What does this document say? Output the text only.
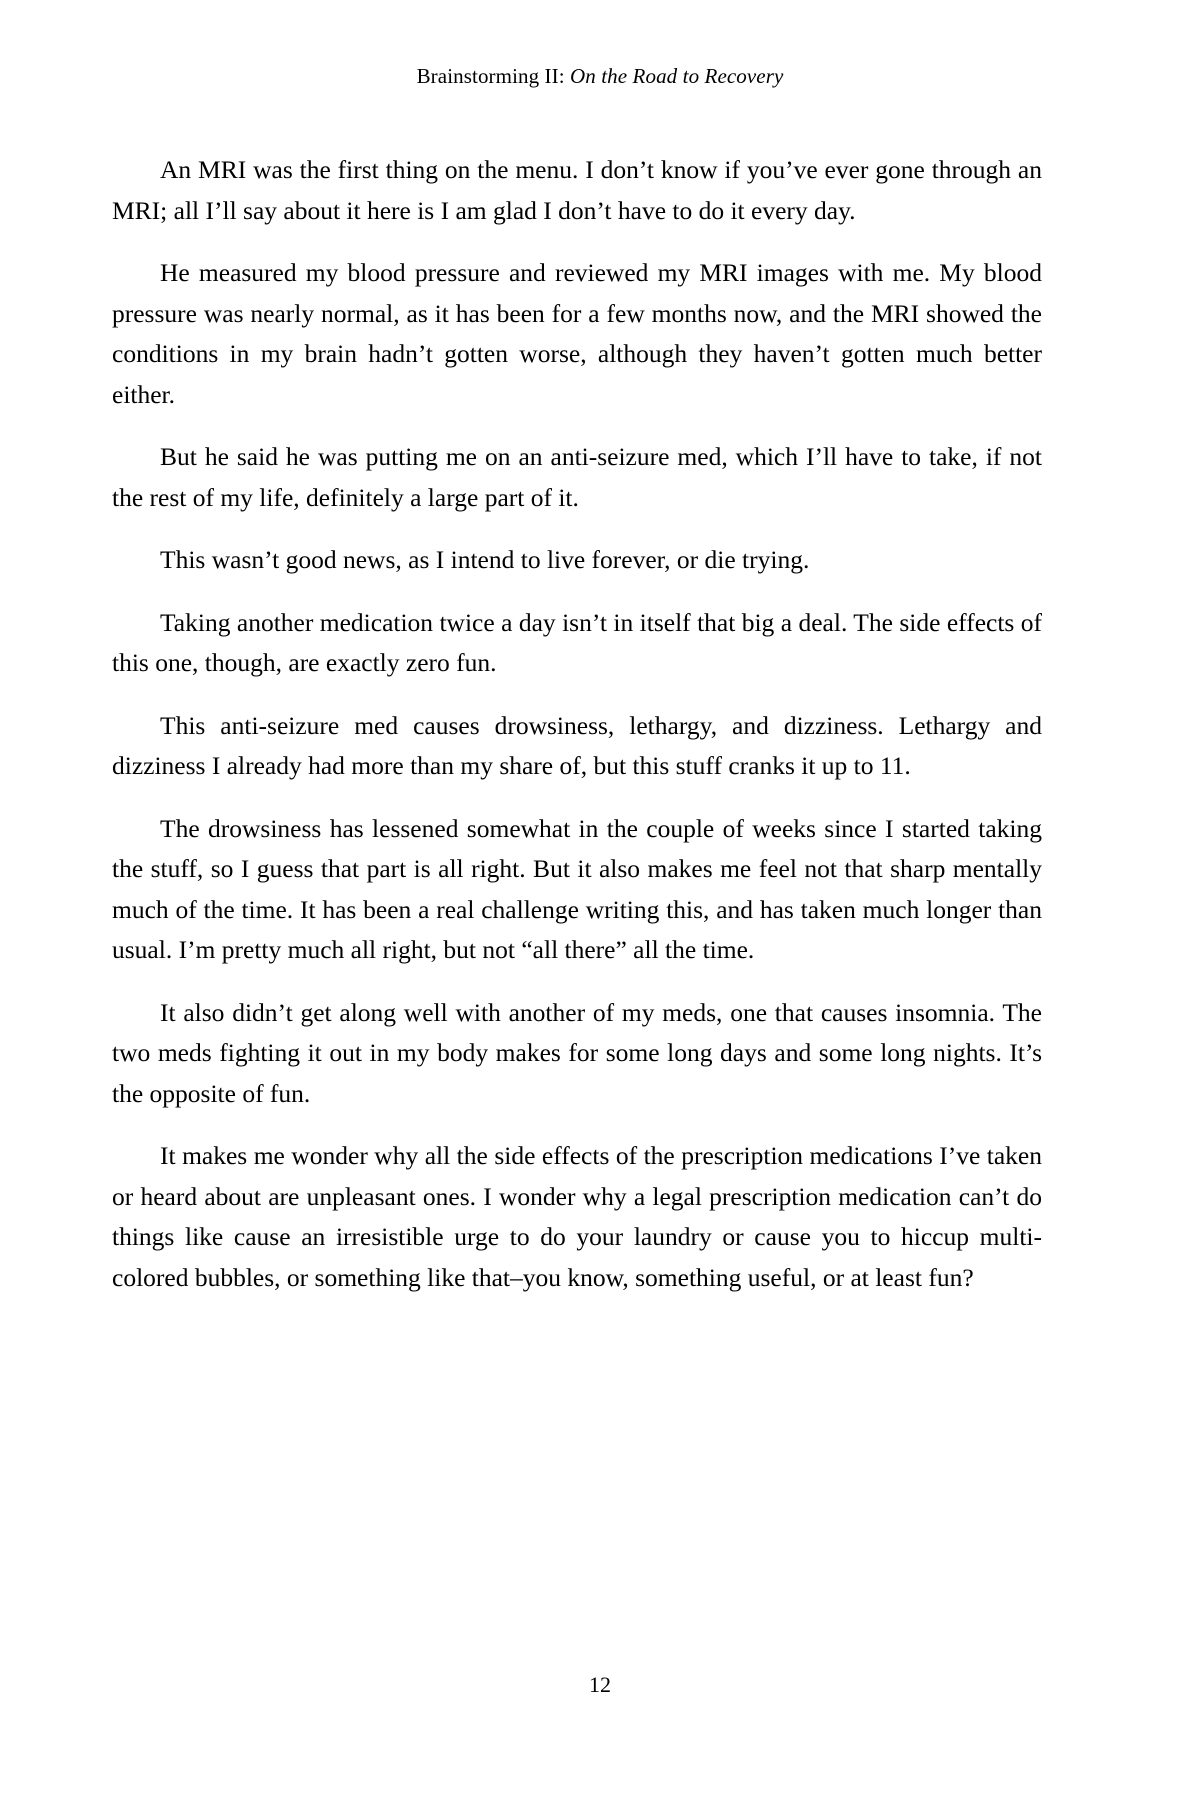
Brainstorming II: On the Road to Recovery

An MRI was the first thing on the menu. I don’t know if you’ve ever gone through an MRI; all I’ll say about it here is I am glad I don’t have to do it every day.

He measured my blood pressure and reviewed my MRI images with me. My blood pressure was nearly normal, as it has been for a few months now, and the MRI showed the conditions in my brain hadn’t gotten worse, although they haven’t gotten much better either.

But he said he was putting me on an anti-seizure med, which I’ll have to take, if not the rest of my life, definitely a large part of it.

This wasn’t good news, as I intend to live forever, or die trying.

Taking another medication twice a day isn’t in itself that big a deal. The side effects of this one, though, are exactly zero fun.

This anti-seizure med causes drowsiness, lethargy, and dizziness. Lethargy and dizziness I already had more than my share of, but this stuff cranks it up to 11.

The drowsiness has lessened somewhat in the couple of weeks since I started taking the stuff, so I guess that part is all right. But it also makes me feel not that sharp mentally much of the time. It has been a real challenge writing this, and has taken much longer than usual. I’m pretty much all right, but not “all there” all the time.

It also didn’t get along well with another of my meds, one that causes insomnia. The two meds fighting it out in my body makes for some long days and some long nights. It’s the opposite of fun.

It makes me wonder why all the side effects of the prescription medications I’ve taken or heard about are unpleasant ones. I wonder why a legal prescription medication can’t do things like cause an irresistible urge to do your laundry or cause you to hiccup multi-colored bubbles, or something like that–you know, something useful, or at least fun?

12
